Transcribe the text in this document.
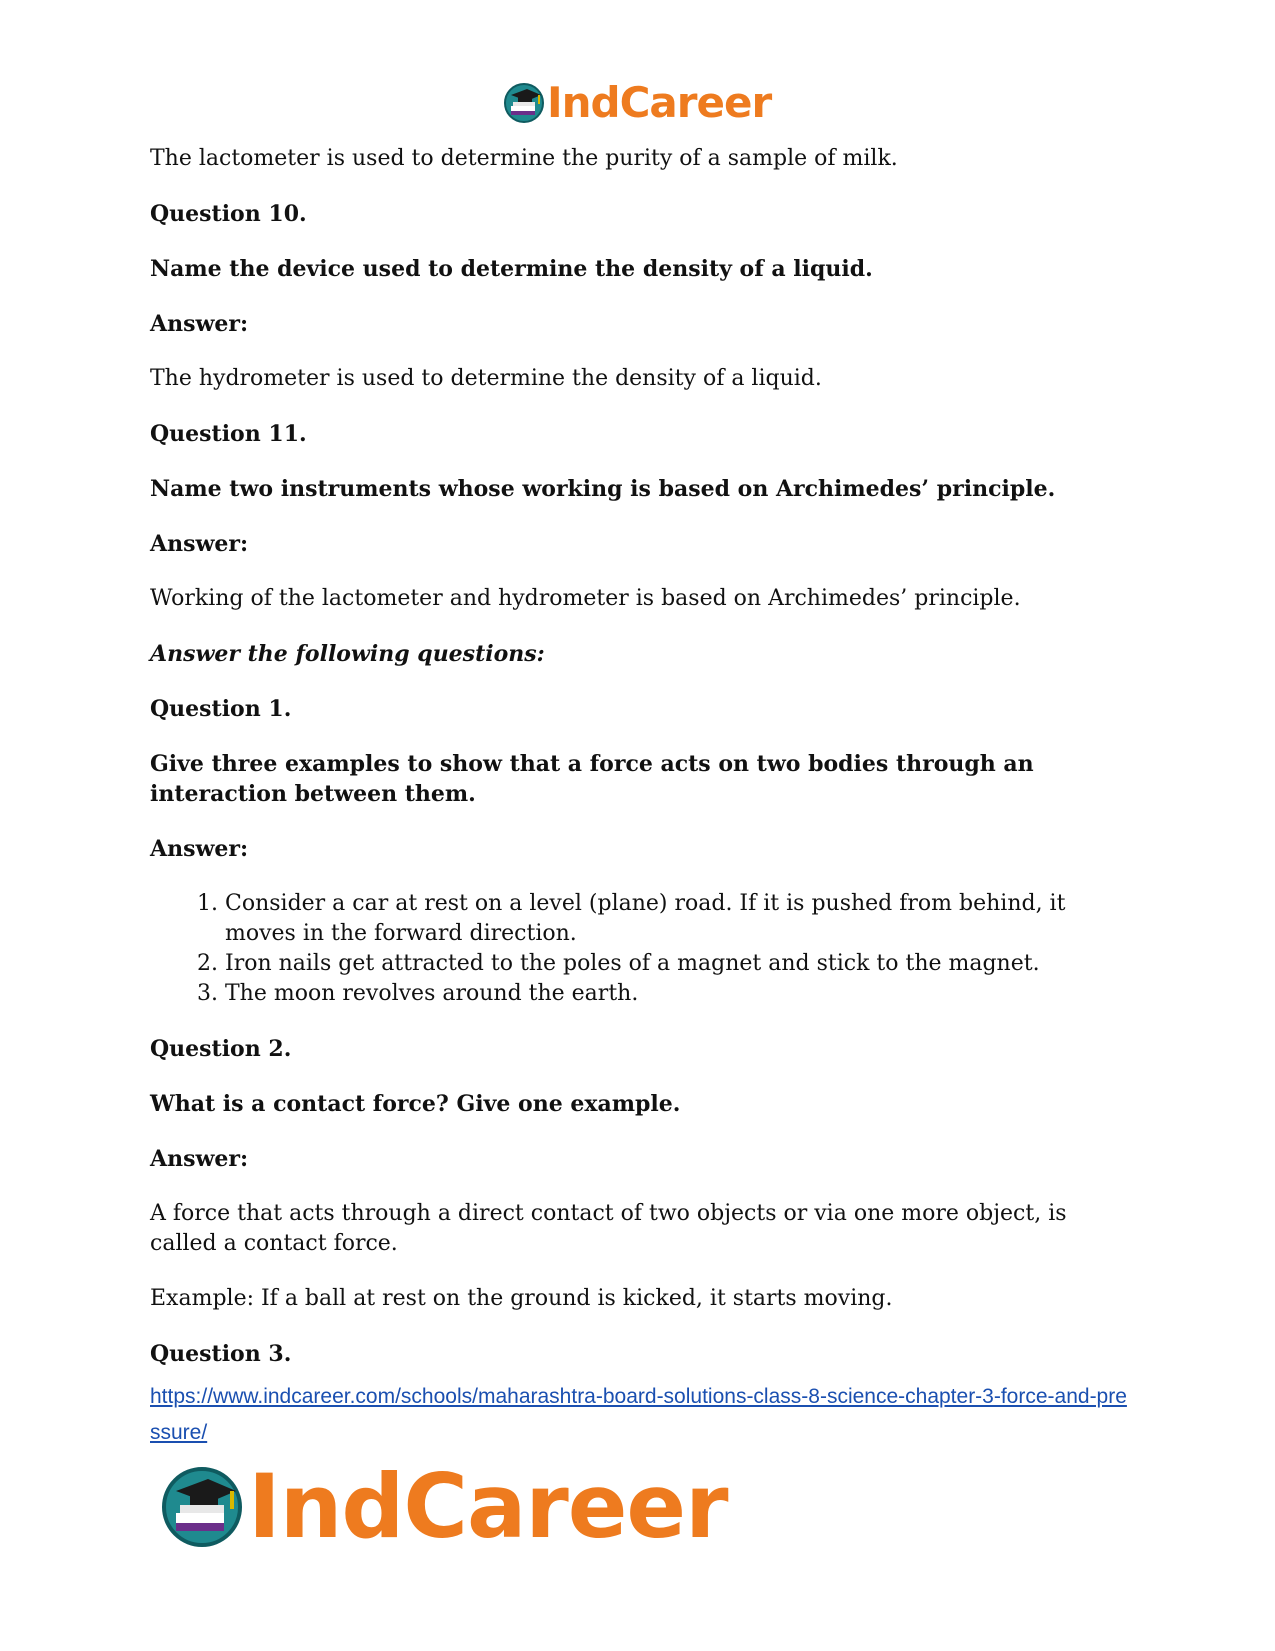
IndCareer

The lactometer is used to determine the purity of a sample of milk.

Question 10.

Name the device used to determine the density of a liquid.

Answer:

The hydrometer is used to determine the density of a liquid.

Question 11.

Name two instruments whose working is based on Archimedes’ principle.

Answer:

Working of the lactometer and hydrometer is based on Archimedes’ principle.

Answer the following questions:

Question 1.

Give three examples to show that a force acts on two bodies through an interaction between them.

Answer:

1. Consider a car at rest on a level (plane) road. If it is pushed from behind, it moves in the forward direction.
2. Iron nails get attracted to the poles of a magnet and stick to the magnet.
3. The moon revolves around the earth.

Question 2.

What is a contact force? Give one example.

Answer:

A force that acts through a direct contact of two objects or via one more object, is called a contact force.

Example: If a ball at rest on the ground is kicked, it starts moving.

Question 3.

https://www.indcareer.com/schools/maharashtra-board-solutions-class-8-science-chapter-3-force-and-pressure/
IndCareer
